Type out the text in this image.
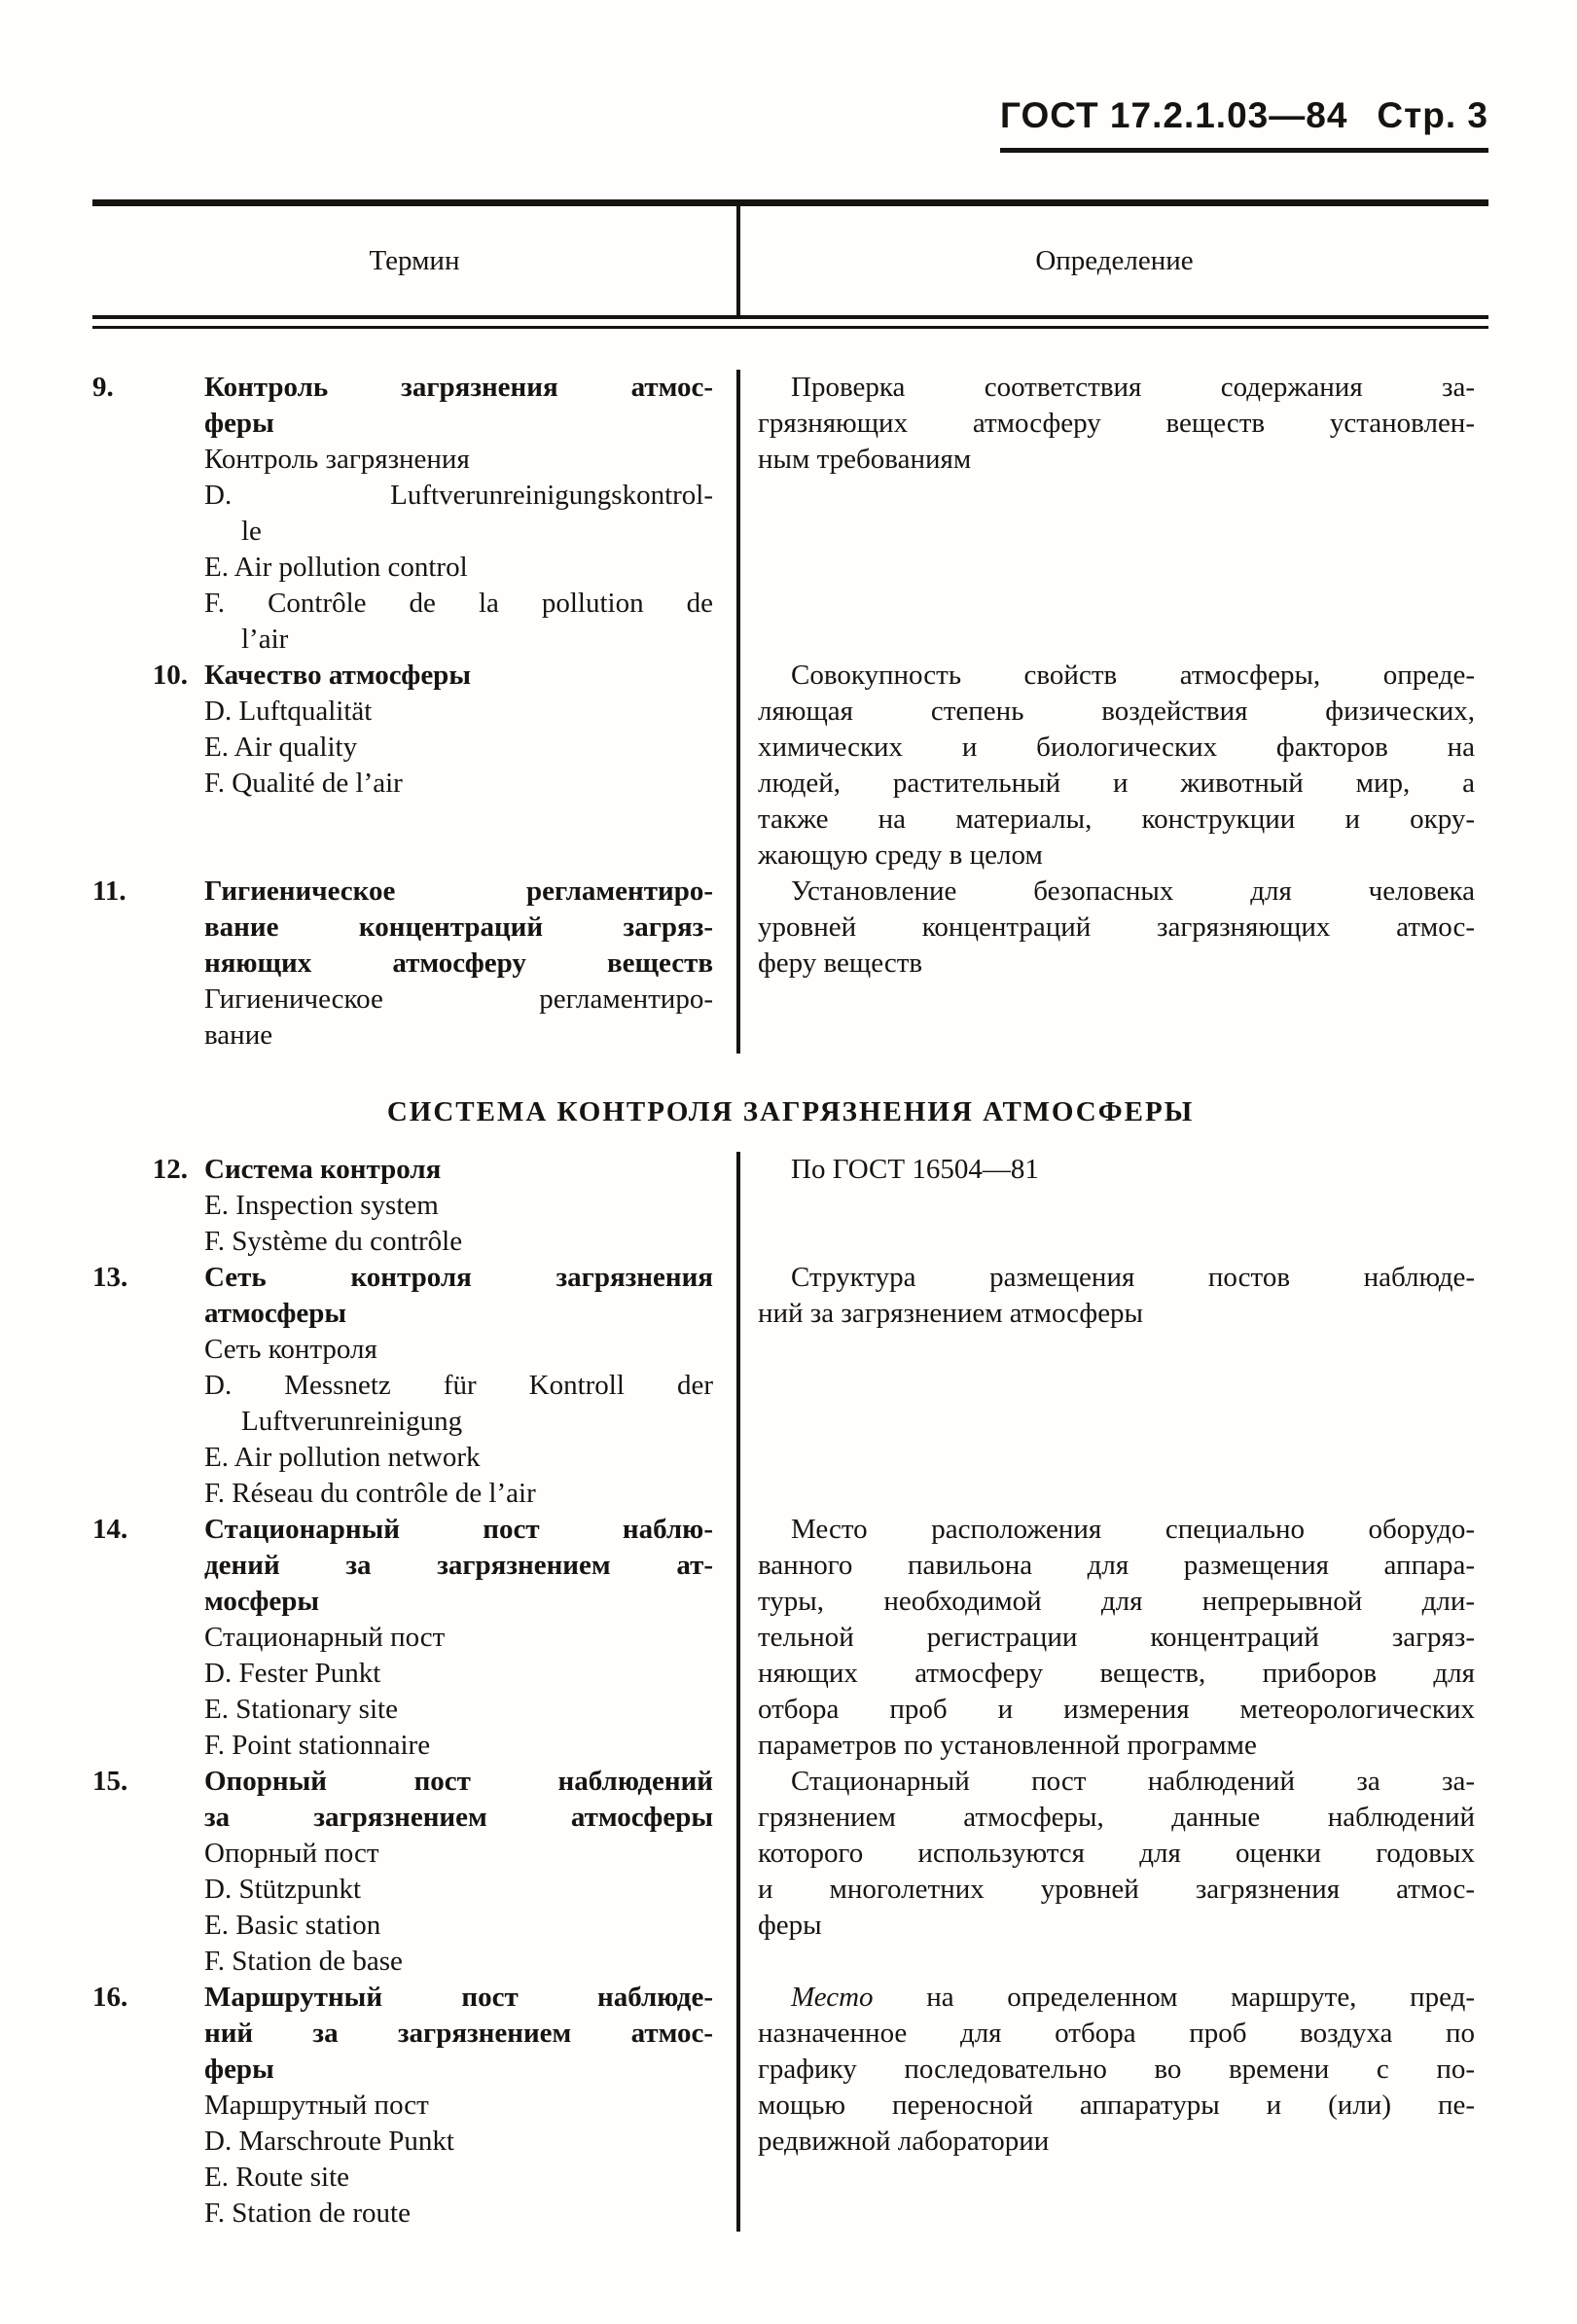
ГОСТ 17.2.1.03—84 Стр. 3
Термин	Определение
Контроль загрязнения атмос-
9.
феры
Контроль загрязнения
D. Luftverunreinigungskontrol-
le
E. Air pollution control
F. Contrôle de la pollution de
l’air
Проверка соответствия содержания за-
грязняющих атмосферу веществ установлен-
ным требованиям
Качество атмосферы
10.
D. Luftqualität
E. Air quality
F. Qualité de l’air
Совокупность свойств атмосферы, опреде-
ляющая степень воздействия физических,
химических и биологических факторов на
людей, растительный и животный мир, а
также на материалы, конструкции и окру-
жающую среду в целом
Гигиеническое регламентиро-
11.
вание концентраций загряз-
няющих атмосферу веществ
Гигиеническое регламентиро-
вание
Установление безопасных для человека
уровней концентраций загрязняющих атмос-
феру веществ
СИСТЕМА КОНТРОЛЯ ЗАГРЯЗНЕНИЯ АТМОСФЕРЫ
Система контроля
12.
E. Inspection system
F. Système du contrôle
По ГОСТ 16504—81
Сеть контроля загрязнения
13.
атмосферы
Сеть контроля
D. Messnetz für Kontroll der
Luftverunreinigung
E. Air pollution network
F. Réseau du contrôle de l’air
Структура размещения постов наблюде-
ний за загрязнением атмосферы
Стационарный пост наблю-
14.
дений за загрязнением ат-
мосферы
Стационарный пост
D. Fester Punkt
E. Stationary site
F. Point stationnaire
Место расположения специально оборудо-
ванного павильона для размещения аппара-
туры, необходимой для непрерывной дли-
тельной регистрации концентраций загряз-
няющих атмосферу веществ, приборов для
отбора проб и измерения метеорологических
параметров по установленной программе
Опорный пост наблюдений
15.
за загрязнением атмосферы
Опорный пост
D. Stützpunkt
E. Basic station
F. Station de base
Стационарный пост наблюдений за за-
грязнением атмосферы, данные наблюдений
которого используются для оценки годовых
и многолетних уровней загрязнения атмос-
феры
Маршрутный пост наблюде-
16.
ний за загрязнением атмос-
феры
Маршрутный пост
D. Marschroute Punkt
E. Route site
F. Station de route
Место на определенном маршруте, пред-
назначенное для отбора проб воздуха по
графику последовательно во времени с по-
мощью переносной аппаратуры и (или) пе-
редвижной лаборатории
